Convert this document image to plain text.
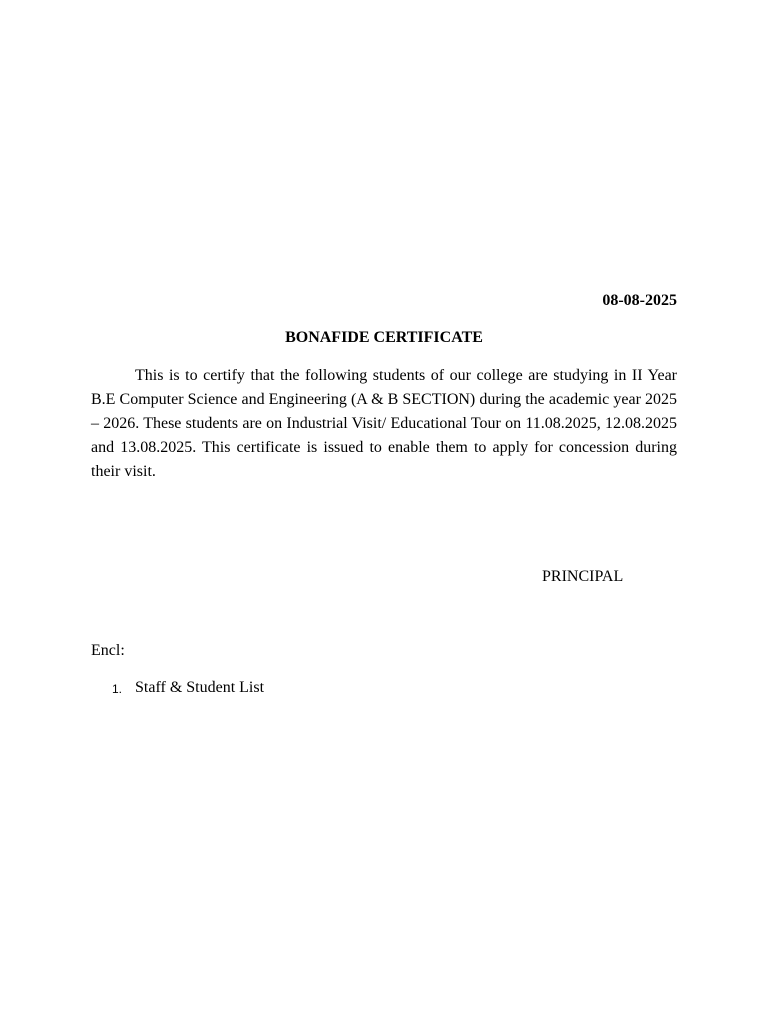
08-08-2025
BONAFIDE CERTIFICATE

This is to certify that the following students of our college are studying in II Year B.E Computer Science and Engineering (A & B SECTION) during the academic year 2025 – 2026. These students are on Industrial Visit/ Educational Tour on 11.08.2025, 12.08.2025 and 13.08.2025. This certificate is issued to enable them to apply for concession during their visit.

PRINCIPAL
Encl:
1. Staff & Student List
